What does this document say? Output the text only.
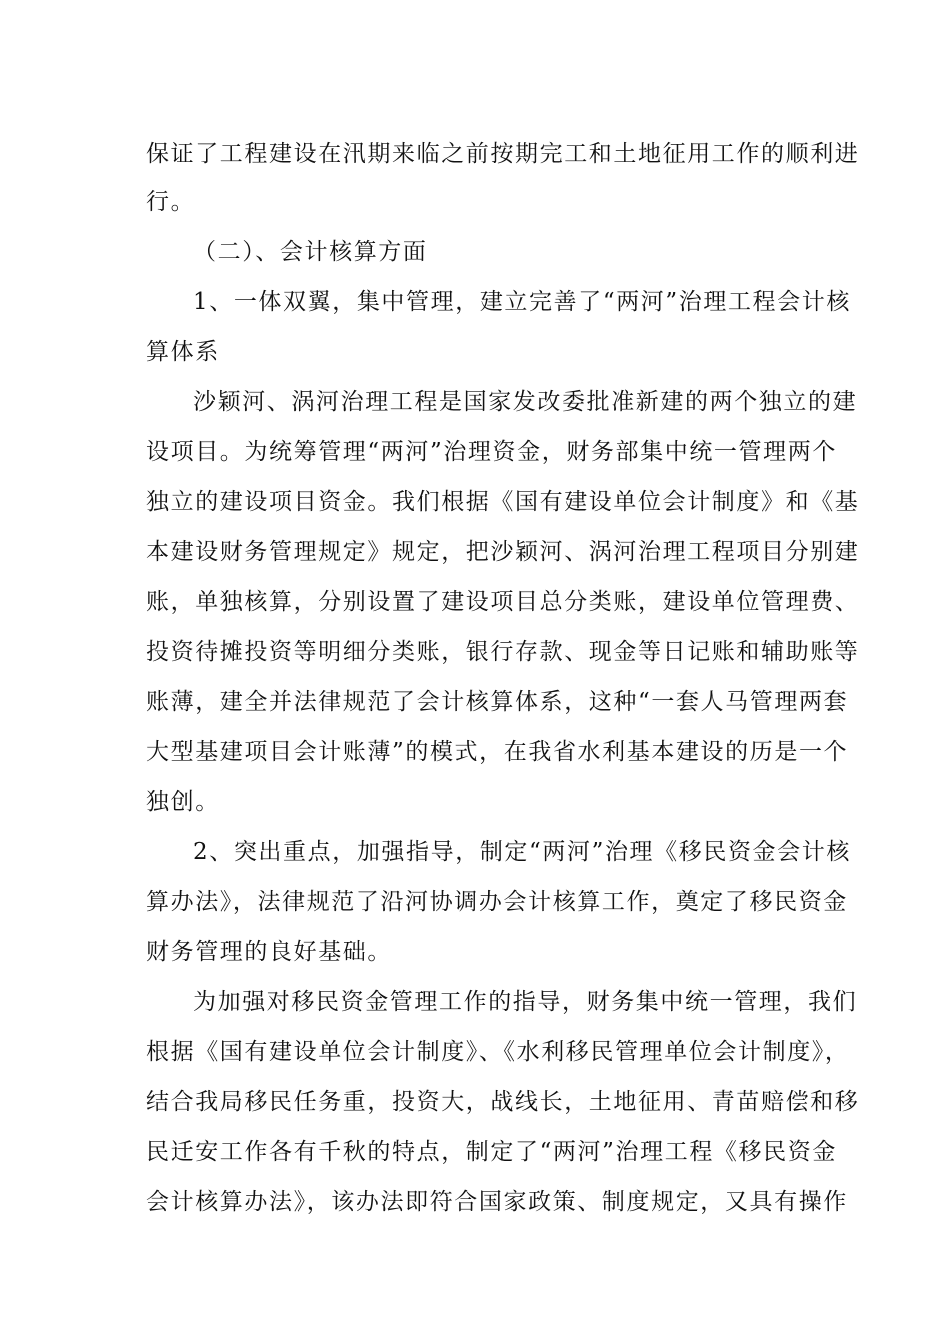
保证了工程建设在汛期来临之前按期完工和土地征用工作的顺利进
行。
（二）、会计核算方面
1、一体双翼，集中管理，建立完善了“两河”治理工程会计核
算体系
沙颖河、涡河治理工程是国家发改委批准新建的两个独立的建
设项目。为统筹管理“两河”治理资金，财务部集中统一管理两个
独立的建设项目资金。我们根据《国有建设单位会计制度》和《基
本建设财务管理规定》规定，把沙颖河、涡河治理工程项目分别建
账，单独核算，分别设置了建设项目总分类账，建设单位管理费、
投资待摊投资等明细分类账，银行存款、现金等日记账和辅助账等
账薄，建全并法律规范了会计核算体系，这种“一套人马管理两套
大型基建项目会计账薄”的模式，在我省水利基本建设的历是一个
独创。
2、突出重点，加强指导，制定“两河”治理《移民资金会计核
算办法》，法律规范了沿河协调办会计核算工作，奠定了移民资金
财务管理的良好基础。
为加强对移民资金管理工作的指导，财务集中统一管理，我们
根据《国有建设单位会计制度》、《水利移民管理单位会计制度》，
结合我局移民任务重，投资大，战线长，土地征用、青苗赔偿和移
民迁安工作各有千秋的特点，制定了“两河”治理工程《移民资金
会计核算办法》，该办法即符合国家政策、制度规定，又具有操作
